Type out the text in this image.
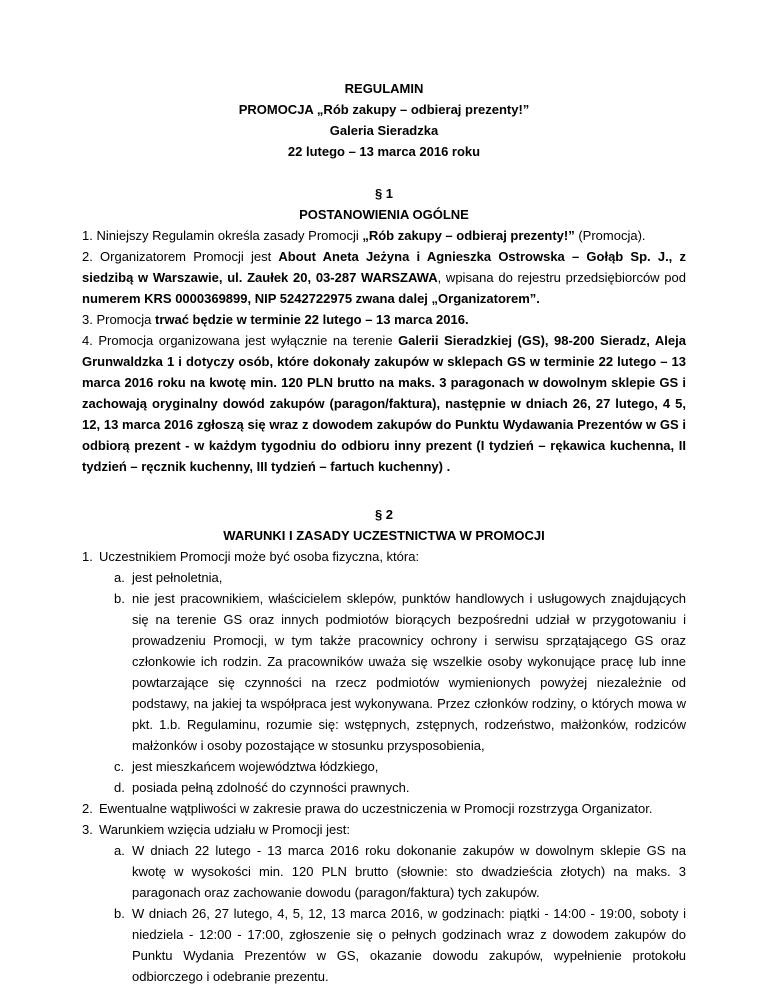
REGULAMIN
PROMOCJA „Rób zakupy – odbieraj prezenty!”
Galeria Sieradzka
22 lutego – 13 marca 2016 roku
§ 1
POSTANOWIENIA OGÓLNE
1. Niniejszy Regulamin określa zasady Promocji „Rób zakupy – odbieraj prezenty!” (Promocja).
2. Organizatorem Promocji jest About Aneta Jeżyna i Agnieszka Ostrowska – Gołąb Sp. J., z siedzibą w Warszawie, ul. Zaułek 20, 03-287 WARSZAWA, wpisana do rejestru przedsiębiorców pod numerem KRS 0000369899, NIP 5242722975 zwana dalej „Organizatorem”.
3. Promocja trwać będzie w terminie 22 lutego – 13 marca 2016.
4. Promocja organizowana jest wyłącznie na terenie Galerii Sieradzkiej (GS), 98-200 Sieradz, Aleja Grunwaldzka 1 i dotyczy osób, które dokonały zakupów w sklepach GS w terminie 22 lutego – 13 marca 2016 roku na kwotę min. 120 PLN brutto na maks. 3 paragonach w dowolnym sklepie GS i zachowają oryginalny dowód zakupów (paragon/faktura), następnie w dniach 26, 27 lutego, 4 5, 12, 13 marca 2016 zgłoszą się wraz z dowodem zakupów do Punktu Wydawania Prezentów w GS i odbiorą prezent - w każdym tygodniu do odbioru inny prezent (I tydzień – rękawica kuchenna, II tydzień – ręcznik kuchenny, III tydzień – fartuch kuchenny) .
§ 2
WARUNKI I ZASADY UCZESTNICTWA W PROMOCJI
1. Uczestnikiem Promocji może być osoba fizyczna, która:
a. jest pełnoletnia,
b. nie jest pracownikiem, właścicielem sklepów, punktów handlowych i usługowych znajdujących się na terenie GS oraz innych podmiotów biorących bezpośredni udział w przygotowaniu i prowadzeniu Promocji, w tym także pracownicy ochrony i serwisu sprzątającego GS oraz członkowie ich rodzin. Za pracowników uważa się wszelkie osoby wykonujące pracę lub inne powtarzające się czynności na rzecz podmiotów wymienionych powyżej niezależnie od podstawy, na jakiej ta współpraca jest wykonywana. Przez członków rodziny, o których mowa w pkt. 1.b. Regulaminu, rozumie się: wstępnych, zstępnych, rodzeństwo, małżonków, rodziców małżonków i osoby pozostające w stosunku przysposobienia,
c. jest mieszkańcem województwa łódzkiego,
d. posiada pełną zdolność do czynności prawnych.
2. Ewentualne wątpliwości w zakresie prawa do uczestniczenia w Promocji rozstrzyga Organizator.
3. Warunkiem wzięcia udziału w Promocji jest:
a. W dniach 22 lutego - 13 marca 2016 roku dokonanie zakupów w dowolnym sklepie GS na kwotę w wysokości min. 120 PLN brutto (słownie: sto dwadzieścia złotych) na maks. 3 paragonach oraz zachowanie dowodu (paragon/faktura) tych zakupów.
b. W dniach 26, 27 lutego, 4, 5, 12, 13 marca 2016, w godzinach: piątki - 14:00 - 19:00, soboty i niedziela - 12:00 - 17:00, zgłoszenie się o pełnych godzinach wraz z dowodem zakupów do Punktu Wydania Prezentów w GS, okazanie dowodu zakupów, wypełnienie protokołu odbiorczego i odebranie prezentu.
